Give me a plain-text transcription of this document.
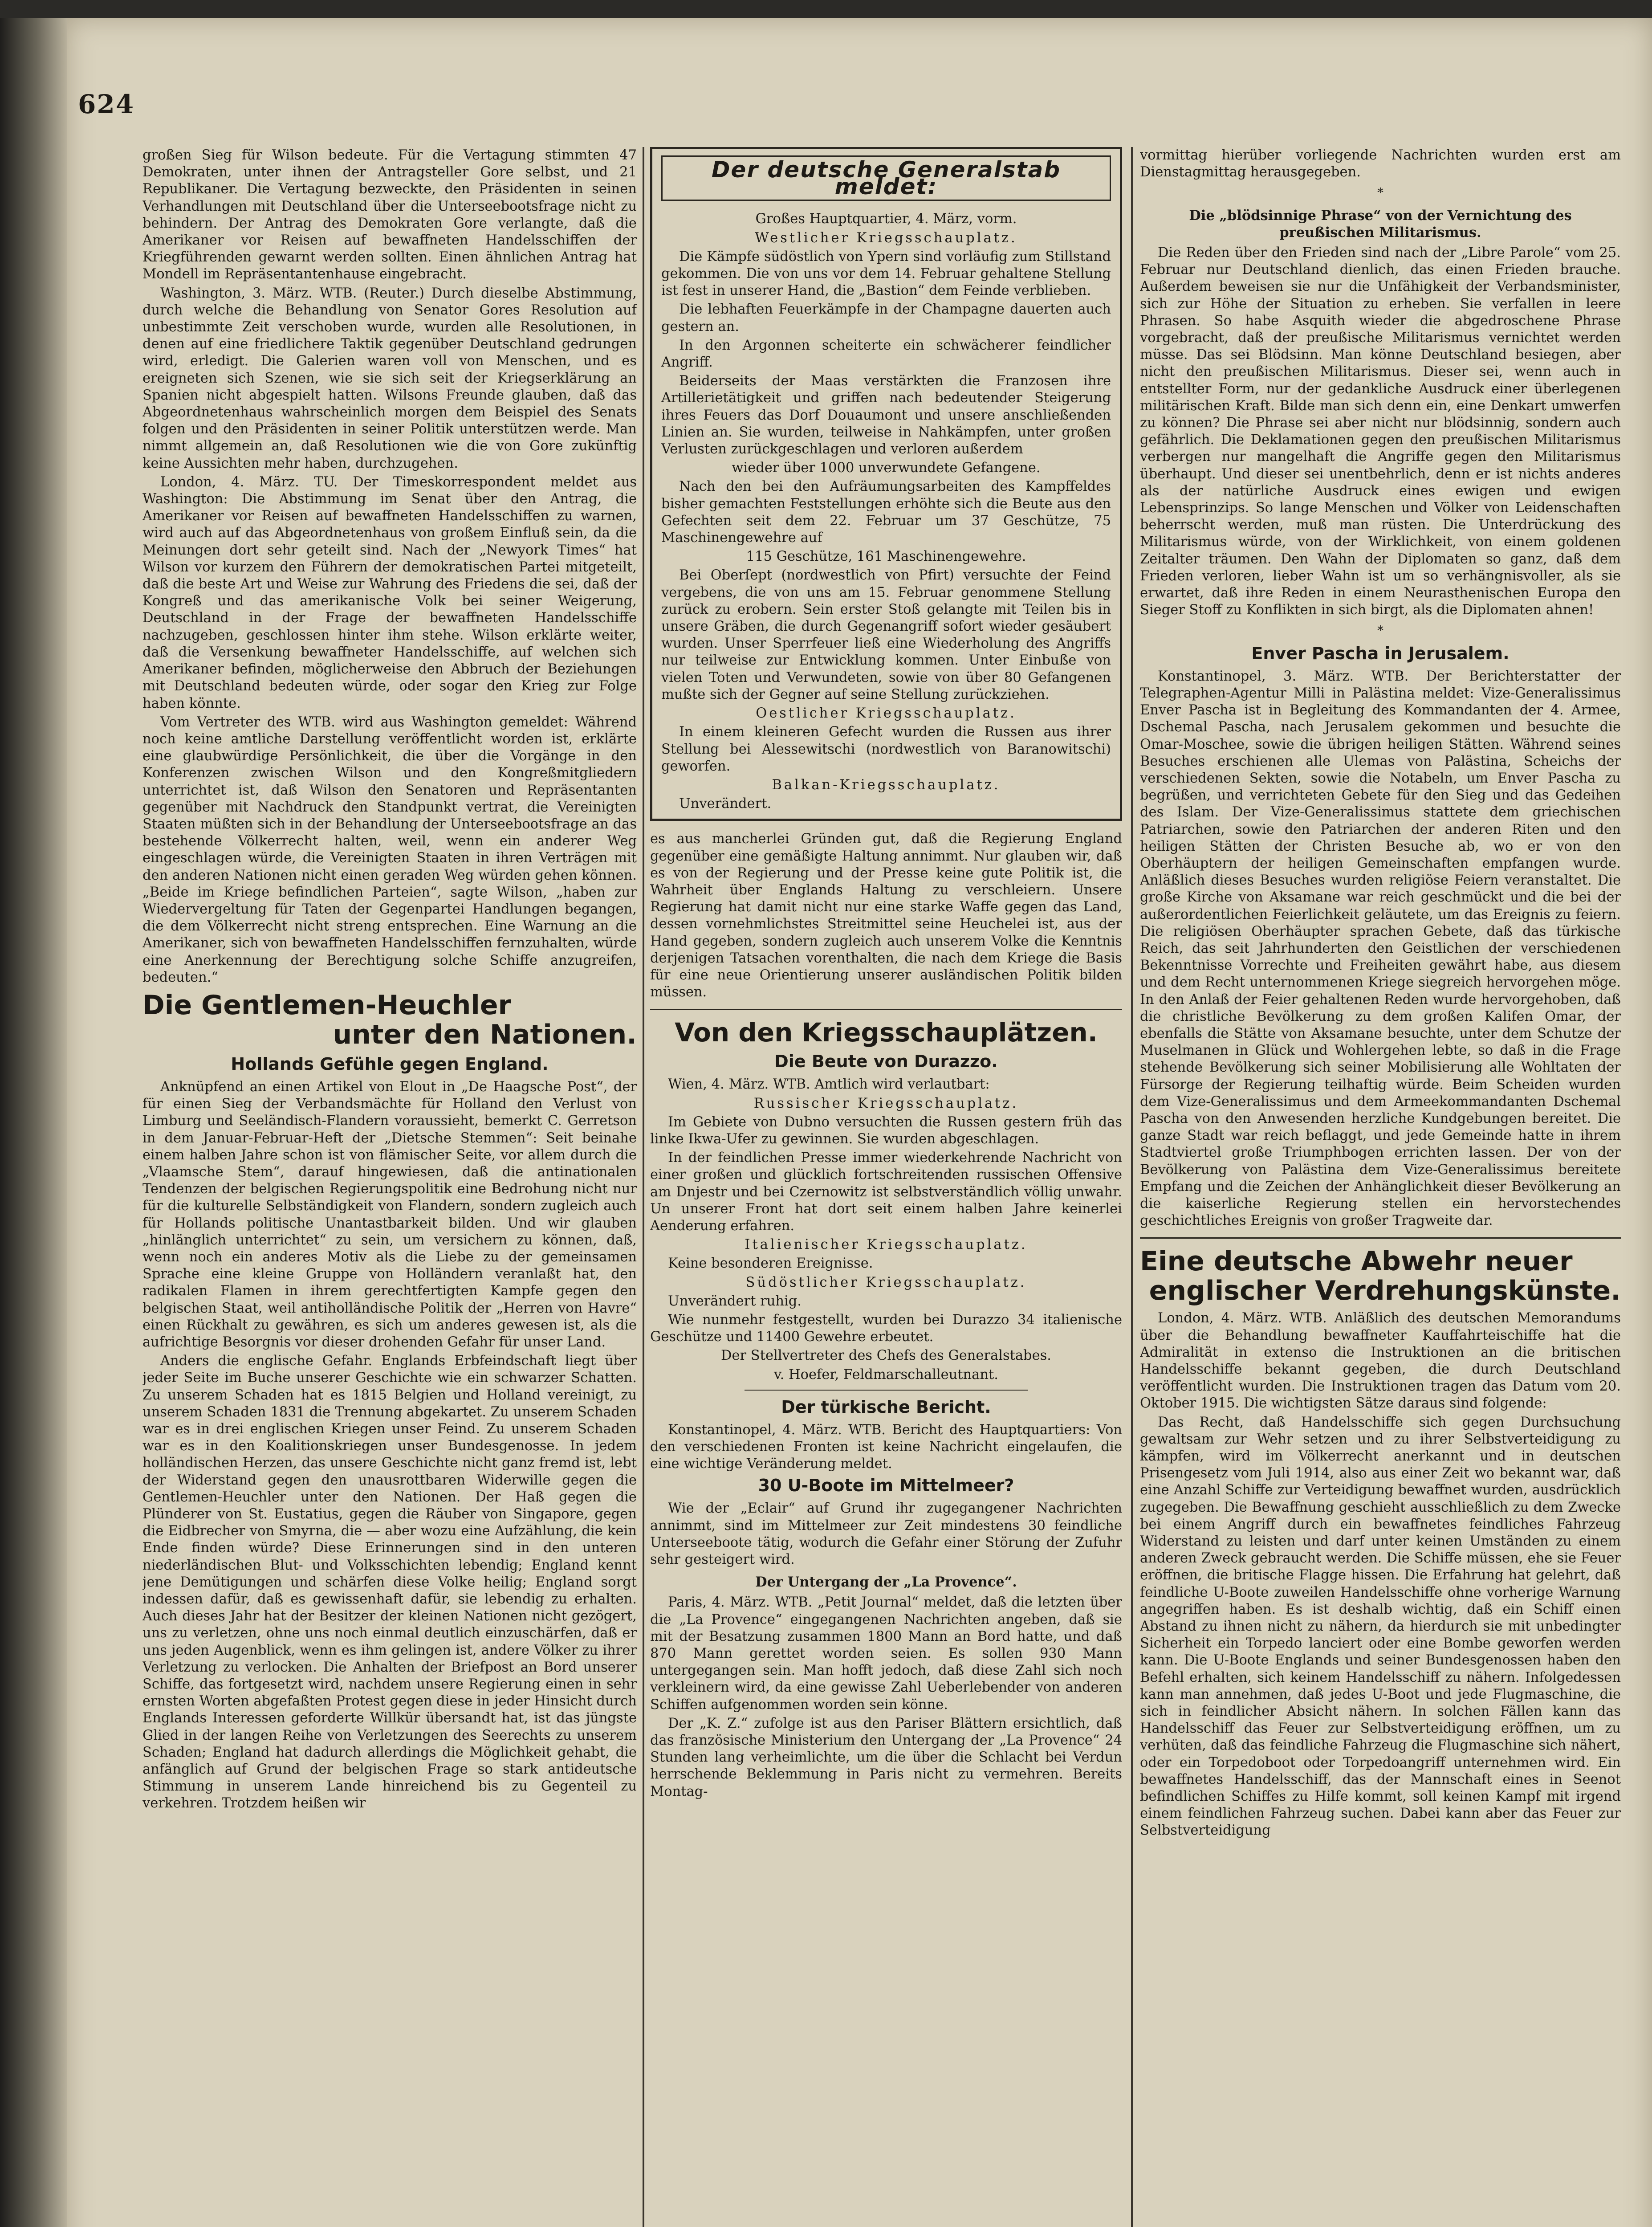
624

großen Sieg für Wilson bedeute. Für die Vertagung stimmten 47 Demokraten, unter ihnen der Antragsteller Gore selbst, und 21 Republikaner. Die Vertagung bezweckte, den Präsidenten in seinen Verhandlungen mit Deutschland über die Unterseebootsfrage nicht zu behindern. Der Antrag des Demokraten Gore verlangte, daß die Amerikaner vor Reisen auf bewaffneten Handelsschiffen der Kriegführenden gewarnt werden sollten. Einen ähnlichen Antrag hat Mondell im Repräsentantenhause eingebracht.

Washington, 3. März. WTB. (Reuter.) Durch dieselbe Abstimmung, durch welche die Behandlung von Senator Gores Resolution auf unbestimmte Zeit verschoben wurde, wurden alle Resolutionen, in denen auf eine friedlichere Taktik gegenüber Deutschland gedrungen wird, erledigt. Die Galerien waren voll von Menschen, und es ereigneten sich Szenen, wie sie sich seit der Kriegserklärung an Spanien nicht abgespielt hatten. Wilsons Freunde glauben, daß das Abgeordnetenhaus wahrscheinlich morgen dem Beispiel des Senats folgen und den Präsidenten in seiner Politik unterstützen werde. Man nimmt allgemein an, daß Resolutionen wie die von Gore zukünftig keine Aussichten mehr haben, durchzugehen.

London, 4. März. TU. Der Timeskorrespondent meldet aus Washington: Die Abstimmung im Senat über den Antrag, die Amerikaner vor Reisen auf bewaffneten Handelsschiffen zu warnen, wird auch auf das Abgeordnetenhaus von großem Einfluß sein, da die Meinungen dort sehr geteilt sind. Nach der „Newyork Times“ hat Wilson vor kurzem den Führern der demokratischen Partei mitgeteilt, daß die beste Art und Weise zur Wahrung des Friedens die sei, daß der Kongreß und das amerikanische Volk bei seiner Weigerung, Deutschland in der Frage der bewaffneten Handelsschiffe nachzugeben, geschlossen hinter ihm stehe. Wilson erklärte weiter, daß die Versenkung bewaffneter Handelsschiffe, auf welchen sich Amerikaner befinden, möglicherweise den Abbruch der Beziehungen mit Deutschland bedeuten würde, oder sogar den Krieg zur Folge haben könnte.

Vom Vertreter des WTB. wird aus Washington gemeldet: Während noch keine amtliche Darstellung veröffentlicht worden ist, erklärte eine glaubwürdige Persönlichkeit, die über die Vorgänge in den Konferenzen zwischen Wilson und den Kongreßmitgliedern unterrichtet ist, daß Wilson den Senatoren und Repräsentanten gegenüber mit Nachdruck den Standpunkt vertrat, die Vereinigten Staaten müßten sich in der Behandlung der Unterseebootsfrage an das bestehende Völkerrecht halten, weil, wenn ein anderer Weg eingeschlagen würde, die Vereinigten Staaten in ihren Verträgen mit den anderen Nationen nicht einen geraden Weg würden gehen können. „Beide im Kriege befindlichen Parteien“, sagte Wilson, „haben zur Wiedervergeltung für Taten der Gegenpartei Handlungen begangen, die dem Völkerrecht nicht streng entsprechen. Eine Warnung an die Amerikaner, sich von bewaffneten Handelsschiffen fernzuhalten, würde eine Anerkennung der Berechtigung solche Schiffe anzugreifen, bedeuten.“

Die Gentlemen-Heuchler
unter den Nationen.
Hollands Gefühle gegen England.

Anknüpfend an einen Artikel von Elout in „De Haagsche Post“, der für einen Sieg der Verbandsmächte für Holland den Verlust von Limburg und Seeländisch-Flandern voraussieht, bemerkt C. Gerretson in dem Januar-Februar-Heft der „Dietsche Stemmen“: Seit beinahe einem halben Jahre schon ist von flämischer Seite, vor allem durch die „Vlaamsche Stem“, darauf hingewiesen, daß die antinationalen Tendenzen der belgischen Regierungspolitik eine Bedrohung nicht nur für die kulturelle Selbständigkeit von Flandern, sondern zugleich auch für Hollands politische Unantastbarkeit bilden. Und wir glauben „hinlänglich unterrichtet“ zu sein, um versichern zu können, daß, wenn noch ein anderes Motiv als die Liebe zu der gemeinsamen Sprache eine kleine Gruppe von Holländern veranlaßt hat, den radikalen Flamen in ihrem gerechtfertigten Kampfe gegen den belgischen Staat, weil antiholländische Politik der „Herren von Havre“ einen Rückhalt zu gewähren, es sich um anderes gewesen ist, als die aufrichtige Besorgnis vor dieser drohenden Gefahr für unser Land.

Anders die englische Gefahr. Englands Erbfeindschaft liegt über jeder Seite im Buche unserer Geschichte wie ein schwarzer Schatten. Zu unserem Schaden hat es 1815 Belgien und Holland vereinigt, zu unserem Schaden 1831 die Trennung abgekartet. Zu unserem Schaden war es in drei englischen Kriegen unser Feind. Zu unserem Schaden war es in den Koalitionskriegen unser Bundesgenosse. In jedem holländischen Herzen, das unsere Geschichte nicht ganz fremd ist, lebt der Widerstand gegen den unausrottbaren Widerwille gegen die Gentlemen-Heuchler unter den Nationen. Der Haß gegen die Plünderer von St. Eustatius, gegen die Räuber von Singapore, gegen die Eidbrecher von Smyrna, die — aber wozu eine Aufzählung, die kein Ende finden würde? Diese Erinnerungen sind in den unteren niederländischen Blut- und Volksschichten lebendig; England kennt jene Demütigungen und schärfen diese Volke heilig; England sorgt indessen dafür, daß es gewissenhaft dafür, sie lebendig zu erhalten. Auch dieses Jahr hat der Besitzer der kleinen Nationen nicht gezögert, uns zu verletzen, ohne uns noch einmal deutlich einzuschärfen, daß er uns jeden Augenblick, wenn es ihm gelingen ist, andere Völker zu ihrer Verletzung zu verlocken. Die Anhalten der Briefpost an Bord unserer Schiffe, das fortgesetzt wird, nachdem unsere Regierung einen in sehr ernsten Worten abgefaßten Protest gegen diese in jeder Hinsicht durch Englands Interessen geforderte Willkür übersandt hat, ist das jüngste Glied in der langen Reihe von Verletzungen des Seerechts zu unserem Schaden; England hat dadurch allerdings die Möglichkeit gehabt, die anfänglich auf Grund der belgischen Frage so stark antideutsche Stimmung in unserem Lande hinreichend bis zu Gegenteil zu verkehren. Trotzdem heißen wir

Der deutsche Generalstab meldet:

Großes Hauptquartier, 4. März, vorm.

Westlicher Kriegsschauplatz.

Die Kämpfe südöstlich von Ypern sind vorläufig zum Stillstand gekommen. Die von uns vor dem 14. Februar gehaltene Stellung ist fest in unserer Hand, die „Bastion“ dem Feinde verblieben.

Die lebhaften Feuerkämpfe in der Champagne dauerten auch gestern an.

In den Argonnen scheiterte ein schwächerer feindlicher Angriff.

Beiderseits der Maas verstärkten die Franzosen ihre Artillerietätigkeit und griffen nach bedeutender Steigerung ihres Feuers das Dorf Douaumont und unsere anschließenden Linien an. Sie wurden, teilweise in Nahkämpfen, unter großen Verlusten zurückgeschlagen und verloren außerdem

wieder über 1000 unverwundete Gefangene.

Nach den bei den Aufräumungsarbeiten des Kampffeldes bisher gemachten Feststellungen erhöhte sich die Beute aus den Gefechten seit dem 22. Februar um 37 Geschütze, 75 Maschinengewehre auf

115 Geschütze, 161 Maschinengewehre.

Bei Oberſept (nordwestlich von Pfirt) versuchte der Feind vergebens, die von uns am 15. Februar genommene Stellung zurück zu erobern. Sein erster Stoß gelangte mit Teilen bis in unsere Gräben, die durch Gegenangriff sofort wieder gesäubert wurden. Unser Sperrfeuer ließ eine Wiederholung des Angriffs nur teilweise zur Entwicklung kommen. Unter Einbuße von vielen Toten und Verwundeten, sowie von über 80 Gefangenen mußte sich der Gegner auf seine Stellung zurückziehen.

Oestlicher Kriegsschauplatz.

In einem kleineren Gefecht wurden die Russen aus ihrer Stellung bei Alessewitschi (nordwestlich von Baranowitschi) geworfen.

Balkan-Kriegsschauplatz.

Unverändert.

es aus mancherlei Gründen gut, daß die Regierung England gegenüber eine gemäßigte Haltung annimmt. Nur glauben wir, daß es von der Regierung und der Presse keine gute Politik ist, die Wahrheit über Englands Haltung zu verschleiern. Unsere Regierung hat damit nicht nur eine starke Waffe gegen das Land, dessen vornehmlichstes Streitmittel seine Heuchelei ist, aus der Hand gegeben, sondern zugleich auch unserem Volke die Kenntnis derjenigen Tatsachen vorenthalten, die nach dem Kriege die Basis für eine neue Orientierung unserer ausländischen Politik bilden müssen.

Von den Kriegsschauplätzen.
Die Beute von Durazzo.

Wien, 4. März. WTB. Amtlich wird verlautbart:

Russischer Kriegsschauplatz.

Im Gebiete von Dubno versuchten die Russen gestern früh das linke Ikwa-Ufer zu gewinnen. Sie wurden abgeschlagen.

In der feindlichen Presse immer wiederkehrende Nachricht von einer großen und glücklich fortschreitenden russischen Offensive am Dnjestr und bei Czernowitz ist selbstverständlich völlig unwahr. Un unserer Front hat dort seit einem halben Jahre keinerlei Aenderung erfahren.

Italienischer Kriegsschauplatz.

Keine besonderen Ereignisse.

Südöstlicher Kriegsschauplatz.

Unverändert ruhig.

Wie nunmehr festgestellt, wurden bei Durazzo 34 italienische Geschütze und 11400 Gewehre erbeutet.

Der Stellvertreter des Chefs des Generalstabes.

v. Hoefer, Feldmarschalleutnant.

Der türkische Bericht.

Konstantinopel, 4. März. WTB. Bericht des Hauptquartiers: Von den verschiedenen Fronten ist keine Nachricht eingelaufen, die eine wichtige Veränderung meldet.

30 U-Boote im Mittelmeer?

Wie der „Eclair“ auf Grund ihr zugegangener Nachrichten annimmt, sind im Mittelmeer zur Zeit mindestens 30 feindliche Unterseeboote tätig, wodurch die Gefahr einer Störung der Zufuhr sehr gesteigert wird.

Der Untergang der „La Provence“.

Paris, 4. März. WTB. „Petit Journal“ meldet, daß die letzten über die „La Provence“ eingegangenen Nachrichten angeben, daß sie mit der Besatzung zusammen 1800 Mann an Bord hatte, und daß 870 Mann gerettet worden seien. Es sollen 930 Mann untergegangen sein. Man hofft jedoch, daß diese Zahl sich noch verkleinern wird, da eine gewisse Zahl Ueberlebender von anderen Schiffen aufgenommen worden sein könne.

Der „K. Z.“ zufolge ist aus den Pariser Blättern ersichtlich, daß das französische Ministerium den Untergang der „La Provence“ 24 Stunden lang verheimlichte, um die über die Schlacht bei Verdun herrschende Beklemmung in Paris nicht zu vermehren. Bereits Montag-

vormittag hierüber vorliegende Nachrichten wurden erst am Dienstagmittag herausgegeben.

*

Die „blödsinnige Phrase“ von der Vernichtung des preußischen Militarismus.

Die Reden über den Frieden sind nach der „Libre Parole“ vom 25. Februar nur Deutschland dienlich, das einen Frieden brauche. Außerdem beweisen sie nur die Unfähigkeit der Verbandsminister, sich zur Höhe der Situation zu erheben. Sie verfallen in leere Phrasen. So habe Asquith wieder die abgedroschene Phrase vorgebracht, daß der preußische Militarismus vernichtet werden müsse. Das sei Blödsinn. Man könne Deutschland besiegen, aber nicht den preußischen Militarismus. Dieser sei, wenn auch in entstellter Form, nur der gedankliche Ausdruck einer überlegenen militärischen Kraft. Bilde man sich denn ein, eine Denkart umwerfen zu können? Die Phrase sei aber nicht nur blödsinnig, sondern auch gefährlich. Die Deklamationen gegen den preußischen Militarismus verbergen nur mangelhaft die Angriffe gegen den Militarismus überhaupt. Und dieser sei unentbehrlich, denn er ist nichts anderes als der natürliche Ausdruck eines ewigen und ewigen Lebensprinzips. So lange Menschen und Völker von Leidenschaften beherrscht werden, muß man rüsten. Die Unterdrückung des Militarismus würde, von der Wirklichkeit, von einem goldenen Zeitalter träumen. Den Wahn der Diplomaten so ganz, daß dem Frieden verloren, lieber Wahn ist um so verhängnisvoller, als sie erwartet, daß ihre Reden in einem Neurasthenischen Europa den Sieger Stoff zu Konflikten in sich birgt, als die Diplomaten ahnen!

*

Enver Pascha in Jerusalem.

Konstantinopel, 3. März. WTB. Der Berichterstatter der Telegraphen-Agentur Milli in Palästina meldet: Vize-Generalissimus Enver Pascha ist in Begleitung des Kommandanten der 4. Armee, Dschemal Pascha, nach Jerusalem gekommen und besuchte die Omar-Moschee, sowie die übrigen heiligen Stätten. Während seines Besuches erschienen alle Ulemas von Palästina, Scheichs der verschiedenen Sekten, sowie die Notabeln, um Enver Pascha zu begrüßen, und verrichteten Gebete für den Sieg und das Gedeihen des Islam. Der Vize-Generalissimus stattete dem griechischen Patriarchen, sowie den Patriarchen der anderen Riten und den heiligen Stätten der Christen Besuche ab, wo er von den Oberhäuptern der heiligen Gemeinschaften empfangen wurde. Anläßlich dieses Besuches wurden religiöse Feiern veranstaltet. Die große Kirche von Aksamane war reich geschmückt und die bei der außerordentlichen Feierlichkeit geläutete, um das Ereignis zu feiern. Die religiösen Oberhäupter sprachen Gebete, daß das türkische Reich, das seit Jahrhunderten den Geistlichen der verschiedenen Bekenntnisse Vorrechte und Freiheiten gewährt habe, aus diesem und dem Recht unternommenen Kriege siegreich hervorgehen möge. In den Anlaß der Feier gehaltenen Reden wurde hervorgehoben, daß die christliche Bevölkerung zu dem großen Kalifen Omar, der ebenfalls die Stätte von Aksamane besuchte, unter dem Schutze der Muselmanen in Glück und Wohlergehen lebte, so daß in die Frage stehende Bevölkerung sich seiner Mobilisierung alle Wohltaten der Fürsorge der Regierung teilhaftig würde. Beim Scheiden wurden dem Vize-Generalissimus und dem Armeekommandanten Dschemal Pascha von den Anwesenden herzliche Kundgebungen bereitet. Die ganze Stadt war reich beflaggt, und jede Gemeinde hatte in ihrem Stadtviertel große Triumphbogen errichten lassen. Der von der Bevölkerung von Palästina dem Vize-Generalissimus bereitete Empfang und die Zeichen der Anhänglichkeit dieser Bevölkerung an die kaiserliche Regierung stellen ein hervorstechendes geschichtliches Ereignis von großer Tragweite dar.

Eine deutsche Abwehr neuer
englischer Verdrehungskünste.

London, 4. März. WTB. Anläßlich des deutschen Memorandums über die Behandlung bewaffneter Kauffahrteischiffe hat die Admiralität in extenso die Instruktionen an die britischen Handelsschiffe bekannt gegeben, die durch Deutschland veröffentlicht wurden. Die Instruktionen tragen das Datum vom 20. Oktober 1915. Die wichtigsten Sätze daraus sind folgende:

Das Recht, daß Handelsschiffe sich gegen Durchsuchung gewaltsam zur Wehr setzen und zu ihrer Selbstverteidigung zu kämpfen, wird im Völkerrecht anerkannt und in deutschen Prisengesetz vom Juli 1914, also aus einer Zeit wo bekannt war, daß eine Anzahl Schiffe zur Verteidigung bewaffnet wurden, ausdrücklich zugegeben. Die Bewaffnung geschieht ausschließlich zu dem Zwecke bei einem Angriff durch ein bewaffnetes feindliches Fahrzeug Widerstand zu leisten und darf unter keinen Umständen zu einem anderen Zweck gebraucht werden. Die Schiffe müssen, ehe sie Feuer eröffnen, die britische Flagge hissen. Die Erfahrung hat gelehrt, daß feindliche U-Boote zuweilen Handelsschiffe ohne vorherige Warnung angegriffen haben. Es ist deshalb wichtig, daß ein Schiff einen Abstand zu ihnen nicht zu nähern, da hierdurch sie mit unbedingter Sicherheit ein Torpedo lanciert oder eine Bombe geworfen werden kann. Die U-Boote Englands und seiner Bundesgenossen haben den Befehl erhalten, sich keinem Handelsschiff zu nähern. Infolgedessen kann man annehmen, daß jedes U-Boot und jede Flugmaschine, die sich in feindlicher Absicht nähern. In solchen Fällen kann das Handelsschiff das Feuer zur Selbstverteidigung eröffnen, um zu verhüten, daß das feindliche Fahrzeug die Flugmaschine sich nähert, oder ein Torpedoboot oder Torpedoangriff unternehmen wird. Ein bewaffnetes Handelsschiff, das der Mannschaft eines in Seenot befindlichen Schiffes zu Hilfe kommt, soll keinen Kampf mit irgend einem feindlichen Fahrzeug suchen. Dabei kann aber das Feuer zur Selbstverteidigung
